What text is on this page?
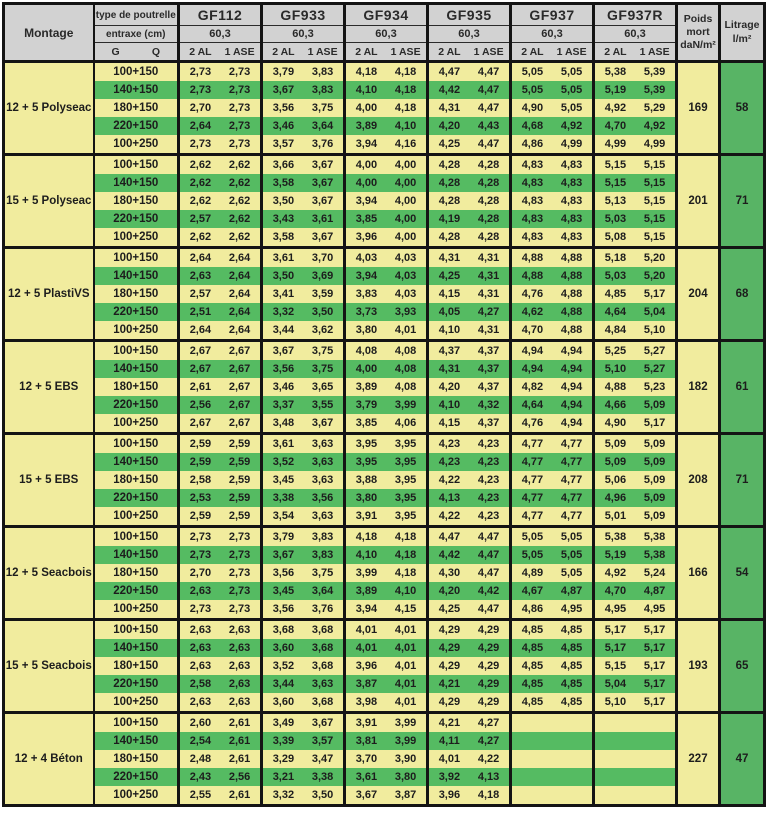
Montage	type de poutrelle	GF112	GF933	GF934	GF935	GF937	GF937R	Poids mort
daN/m²

Litrage
l/m²

	entraxe (cm)	60,3	60,3	60,3	60,3	60,3	60,3		
	G Q	2 AL 1 ASE	2 AL 1 ASE	2 AL 1 ASE	2 AL 1 ASE	2 AL 1 ASE	2 AL 1 ASE		
12 + 5 Polyseac	100+150	2,73 2,73	3,79 3,83	4,18 4,18	4,47 4,47	5,05 5,05	5,38 5,39	169	58
	140+150	2,73 2,73	3,67 3,83	4,10 4,18	4,42 4,47	5,05 5,05	5,19 5,39		
	180+150	2,70 2,73	3,56 3,75	4,00 4,18	4,31 4,47	4,90 5,05	4,92 5,29		
	220+150	2,64 2,73	3,46 3,64	3,89 4,10	4,20 4,43	4,68 4,92	4,70 4,92		
	100+250	2,73 2,73	3,57 3,76	3,94 4,16	4,25 4,47	4,86 4,99	4,99 4,99		
15 + 5 Polyseac	100+150	2,62 2,62	3,66 3,67	4,00 4,00	4,28 4,28	4,83 4,83	5,15 5,15	201	71
	140+150	2,62 2,62	3,58 3,67	4,00 4,00	4,28 4,28	4,83 4,83	5,15 5,15		
	180+150	2,62 2,62	3,50 3,67	3,94 4,00	4,28 4,28	4,83 4,83	5,13 5,15		
	220+150	2,57 2,62	3,43 3,61	3,85 4,00	4,19 4,28	4,83 4,83	5,03 5,15		
	100+250	2,62 2,62	3,58 3,67	3,96 4,00	4,28 4,28	4,83 4,83	5,08 5,15		
12 + 5 PlastiVS	100+150	2,64 2,64	3,61 3,70	4,03 4,03	4,31 4,31	4,88 4,88	5,18 5,20	204	68
	140+150	2,63 2,64	3,50 3,69	3,94 4,03	4,25 4,31	4,88 4,88	5,03 5,20		
	180+150	2,57 2,64	3,41 3,59	3,83 4,03	4,15 4,31	4,76 4,88	4,85 5,17		
	220+150	2,51 2,64	3,32 3,50	3,73 3,93	4,05 4,27	4,62 4,88	4,64 5,04		
	100+250	2,64 2,64	3,44 3,62	3,80 4,01	4,10 4,31	4,70 4,88	4,84 5,10		
12 + 5 EBS	100+150	2,67 2,67	3,67 3,75	4,08 4,08	4,37 4,37	4,94 4,94	5,25 5,27	182	61
	140+150	2,67 2,67	3,56 3,75	4,00 4,08	4,31 4,37	4,94 4,94	5,10 5,27		
	180+150	2,61 2,67	3,46 3,65	3,89 4,08	4,20 4,37	4,82 4,94	4,88 5,23		
	220+150	2,56 2,67	3,37 3,55	3,79 3,99	4,10 4,32	4,64 4,94	4,66 5,09		
	100+250	2,67 2,67	3,48 3,67	3,85 4,06	4,15 4,37	4,76 4,94	4,90 5,17		
15 + 5 EBS	100+150	2,59 2,59	3,61 3,63	3,95 3,95	4,23 4,23	4,77 4,77	5,09 5,09	208	71
	140+150	2,59 2,59	3,52 3,63	3,95 3,95	4,23 4,23	4,77 4,77	5,09 5,09		
	180+150	2,58 2,59	3,45 3,63	3,88 3,95	4,22 4,23	4,77 4,77	5,06 5,09		
	220+150	2,53 2,59	3,38 3,56	3,80 3,95	4,13 4,23	4,77 4,77	4,96 5,09		
	100+250	2,59 2,59	3,54 3,63	3,91 3,95	4,22 4,23	4,77 4,77	5,01 5,09		
12 + 5 Seacbois	100+150	2,73 2,73	3,79 3,83	4,18 4,18	4,47 4,47	5,05 5,05	5,38 5,38	166	54
	140+150	2,73 2,73	3,67 3,83	4,10 4,18	4,42 4,47	5,05 5,05	5,19 5,38		
	180+150	2,70 2,73	3,56 3,75	3,99 4,18	4,30 4,47	4,89 5,05	4,92 5,24		
	220+150	2,63 2,73	3,45 3,64	3,89 4,10	4,20 4,42	4,67 4,87	4,70 4,87		
	100+250	2,73 2,73	3,56 3,76	3,94 4,15	4,25 4,47	4,86 4,95	4,95 4,95		
15 + 5 Seacbois	100+150	2,63 2,63	3,68 3,68	4,01 4,01	4,29 4,29	4,85 4,85	5,17 5,17	193	65
	140+150	2,63 2,63	3,60 3,68	4,01 4,01	4,29 4,29	4,85 4,85	5,17 5,17		
	180+150	2,63 2,63	3,52 3,68	3,96 4,01	4,29 4,29	4,85 4,85	5,15 5,17		
	220+150	2,58 2,63	3,44 3,63	3,87 4,01	4,21 4,29	4,85 4,85	5,04 5,17		
	100+250	2,63 2,63	3,60 3,68	3,98 4,01	4,29 4,29	4,85 4,85	5,10 5,17		
12 + 4 Béton	100+150	2,60 2,61	3,49 3,67	3,91 3,99	4,21 4,27			227	47
	140+150	2,54 2,61	3,39 3,57	3,81 3,99	4,11 4,27				
	180+150	2,48 2,61	3,29 3,47	3,70 3,90	4,01 4,22				
	220+150	2,43 2,56	3,21 3,38	3,61 3,80	3,92 4,13				
	100+250	2,55 2,61	3,32 3,50	3,67 3,87	3,96 4,18				
